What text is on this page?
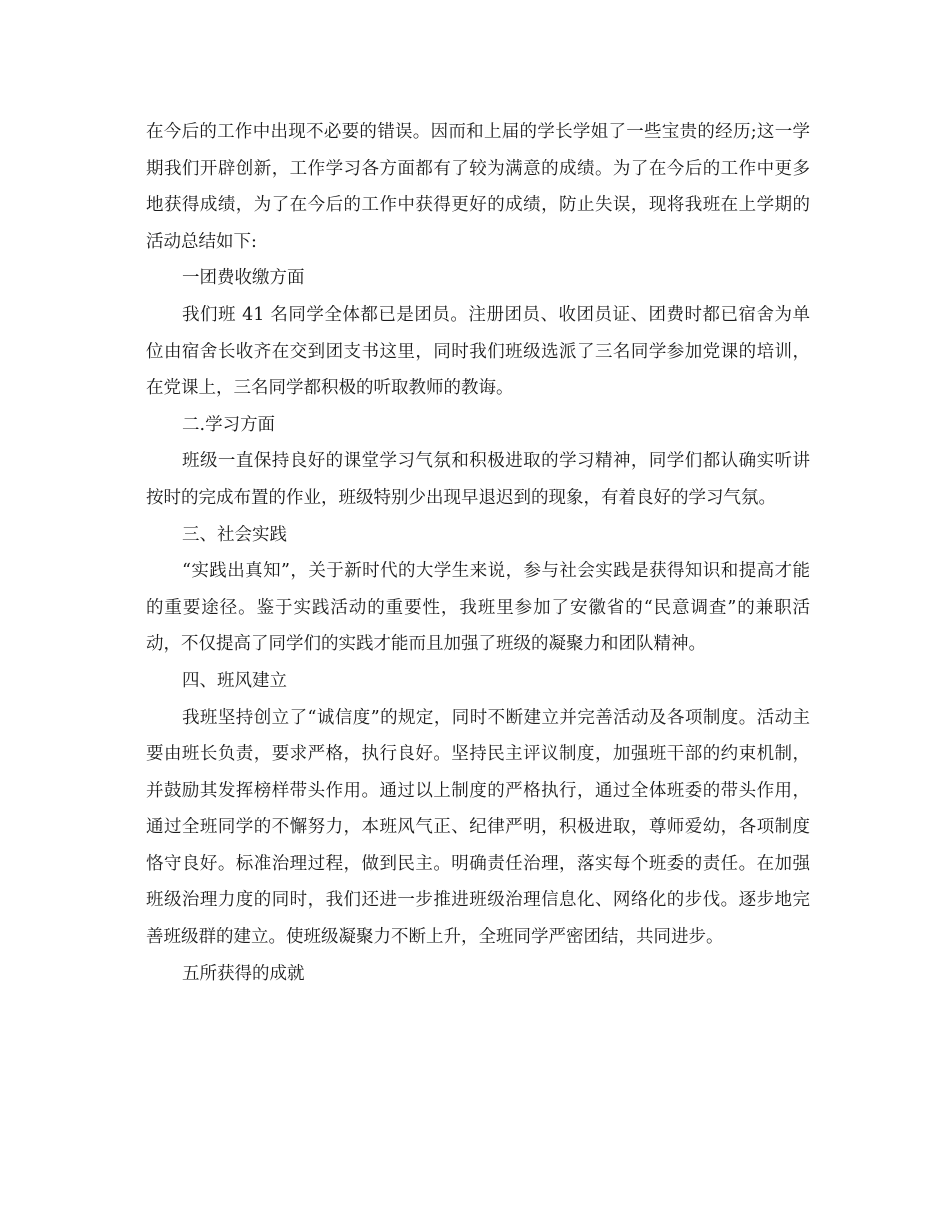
在今后的工作中出现不必要的错误。因而和上届的学长学姐了一些宝贵的经历;这一学期我们开辟创新，工作学习各方面都有了较为满意的成绩。为了在今后的工作中更多地获得成绩，为了在今后的工作中获得更好的成绩，防止失误，现将我班在上学期的活动总结如下:

一团费收缴方面

我们班 41 名同学全体都已是团员。注册团员、收团员证、团费时都已宿舍为单位由宿舍长收齐在交到团支书这里，同时我们班级选派了三名同学参加党课的培训，在党课上，三名同学都积极的听取教师的教诲。

二.学习方面

班级一直保持良好的课堂学习气氛和积极进取的学习精神，同学们都认确实听讲按时的完成布置的作业，班级特别少出现早退迟到的现象，有着良好的学习气氛。

三、社会实践

“实践出真知”，关于新时代的大学生来说，参与社会实践是获得知识和提高才能的重要途径。鉴于实践活动的重要性，我班里参加了安徽省的“民意调查”的兼职活动，不仅提高了同学们的实践才能而且加强了班级的凝聚力和团队精神。

四、班风建立

我班坚持创立了“诚信度”的规定，同时不断建立并完善活动及各项制度。活动主要由班长负责，要求严格，执行良好。坚持民主评议制度，加强班干部的约束机制，并鼓励其发挥榜样带头作用。通过以上制度的严格执行，通过全体班委的带头作用，通过全班同学的不懈努力，本班风气正、纪律严明，积极进取，尊师爱幼，各项制度恪守良好。标准治理过程，做到民主。明确责任治理，落实每个班委的责任。在加强班级治理力度的同时，我们还进一步推进班级治理信息化、网络化的步伐。逐步地完善班级群的建立。使班级凝聚力不断上升，全班同学严密团结，共同进步。

五所获得的成就
